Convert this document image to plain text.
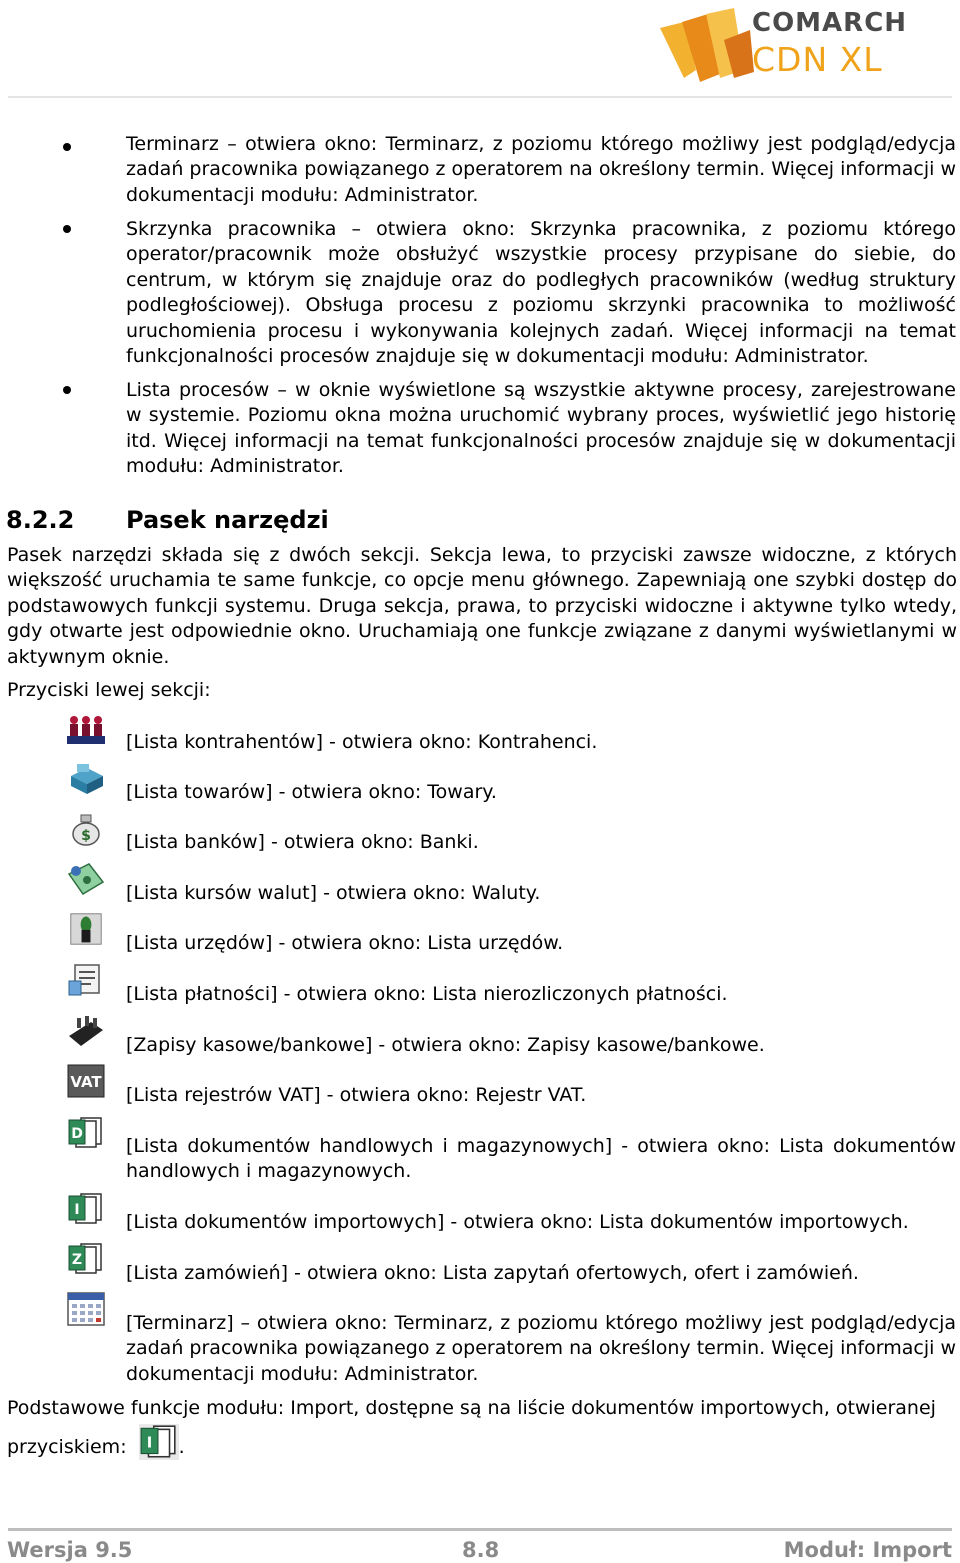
COMARCH
CDN XL
Terminarz – otwiera okno: Terminarz, z poziomu którego możliwy jest podgląd/edycja zadań pracownika powiązanego z operatorem na określony termin. Więcej informacji w dokumentacji modułu: Administrator.
Skrzynka pracownika – otwiera okno: Skrzynka pracownika, z poziomu którego operator/pracownik może obsłużyć wszystkie procesy przypisane do siebie, do centrum, w którym się znajduje oraz do podległych pracowników (według struktury podległościowej). Obsługa procesu z poziomu skrzynki pracownika to możliwość uruchomienia procesu i wykonywania kolejnych zadań. Więcej informacji na temat funkcjonalności procesów znajduje się w dokumentacji modułu: Administrator.
Lista procesów – w oknie wyświetlone są wszystkie aktywne procesy, zarejestrowane w systemie. Poziomu okna można uruchomić wybrany proces, wyświetlić jego historię itd. Więcej informacji na temat funkcjonalności procesów znajduje się w dokumentacji modułu: Administrator.
8.2.2 Pasek narzędzi
Pasek narzędzi składa się z dwóch sekcji. Sekcja lewa, to przyciski zawsze widoczne, z których większość uruchamia te same funkcje, co opcje menu głównego. Zapewniają one szybki dostęp do podstawowych funkcji systemu. Druga sekcja, prawa, to przyciski widoczne i aktywne tylko wtedy, gdy otwarte jest odpowiednie okno. Uruchamiają one funkcje związane z danymi wyświetlanymi w aktywnym oknie.
Przyciski lewej sekcji:
[Lista kontrahentów] - otwiera okno: Kontrahenci.
[Lista towarów] - otwiera okno: Towary.
$ [Lista banków] - otwiera okno: Banki.
[Lista kursów walut] - otwiera okno: Waluty.
[Lista urzędów] - otwiera okno: Lista urzędów.
[Lista płatności] - otwiera okno: Lista nierozliczonych płatności.
[Zapisy kasowe/bankowe] - otwiera okno: Zapisy kasowe/bankowe.
VAT
[Lista rejestrów VAT] - otwiera okno: Rejestr VAT.
D
[Lista dokumentów handlowych i magazynowych] - otwiera okno: Lista dokumentów handlowych i magazynowych.
I
[Lista dokumentów importowych] - otwiera okno: Lista dokumentów importowych.
Z
[Lista zamówień] - otwiera okno: Lista zapytań ofertowych, ofert i zamówień.
[Terminarz] – otwiera okno: Terminarz, z poziomu którego możliwy jest podgląd/edycja zadań pracownika powiązanego z operatorem na określony termin. Więcej informacji w dokumentacji modułu: Administrator.
Podstawowe funkcje modułu: Import, dostępne są na liście dokumentów importowych, otwieranej
przyciskiem: I .
Wersja 9.5	8.8	Moduł: Import
